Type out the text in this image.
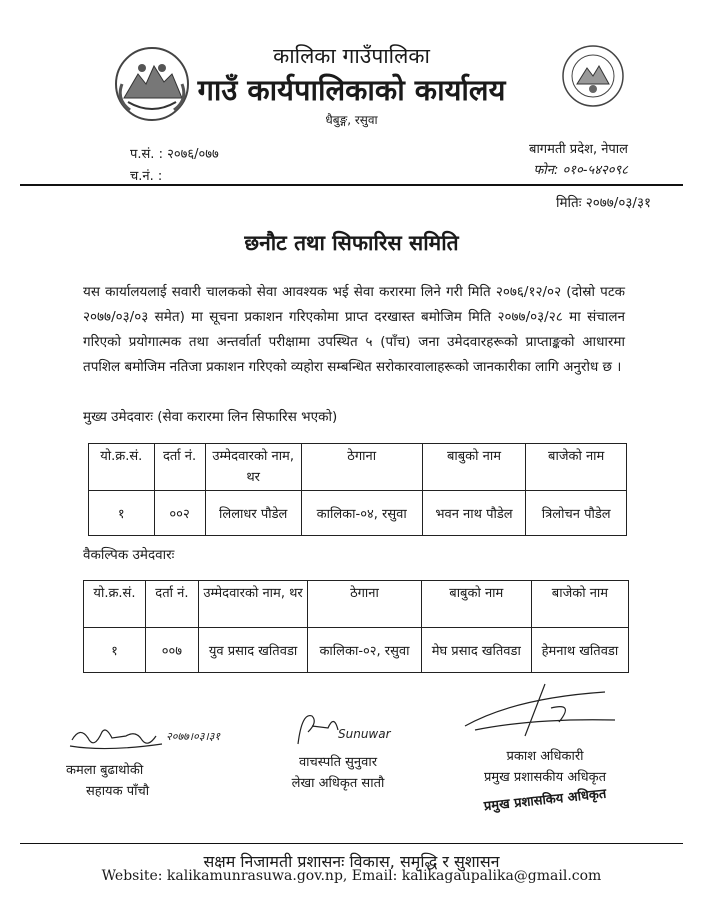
कालिका गाउँपालिका
गाउँ कार्यपालिकाको कार्यालय
धैबुङ्ग, रसुवा
प.सं. : २०७६/०७७
च.नं. :
बागमती प्रदेश, नेपाल
फोन: ०१०-५४२०९८
मितिः २०७७/०३/३१
छनौट तथा सिफारिस समिति
यस कार्यालयलाई सवारी चालकको सेवा आवश्यक भई सेवा करारमा लिने गरी मिति २०७६/१२/०२ (दोस्रो पटक २०७७/०३/०३ समेत) मा सूचना प्रकाशन गरिएकोमा प्राप्त दरखास्त बमोजिम मिति २०७७/०३/२८ मा संचालन गरिएको प्रयोगात्मक तथा अन्तर्वार्ता परीक्षामा उपस्थित ५ (पाँच) जना उमेदवारहरूको प्राप्ताङ्कको आधारमा तपशिल बमोजिम नतिजा प्रकाशन गरिएको व्यहोरा सम्बन्धित सरोकारवालाहरूको जानकारीका लागि अनुरोध छ ।
मुख्य उमेदवारः (सेवा करारमा लिन सिफारिस भएको)
यो.क्र.सं.	दर्ता नं.	उम्मेदवारको नाम, थर	ठेगाना	बाबुको नाम	बाजेको नाम
१	००२	लिलाधर पौडेल	कालिका-०४, रसुवा	भवन नाथ पौडेल	त्रिलोचन पौडेल
वैकल्पिक उमेदवारः
यो.क्र.सं.	दर्ता नं.	उम्मेदवारको नाम, थर	ठेगाना	बाबुको नाम	बाजेको नाम
१	००७	युव प्रसाद खतिवडा	कालिका-०२, रसुवा	मेघ प्रसाद खतिवडा	हेमनाथ खतिवडा
२०७७।०३।३१
कमला बुढाथोकी
सहायक पाँचौ
Sunuwar
वाचस्पति सुनुवार
लेखा अधिकृत सातौ
प्रकाश अधिकारी
प्रमुख प्रशासकीय अधिकृत
प्रमुख प्रशासकिय अधिकृत
सक्षम निजामती प्रशासनः विकास, समृद्धि र सुशासन
Website: kalikamunrasuwa.gov.np, Email: kalikagaupalika@gmail.com
